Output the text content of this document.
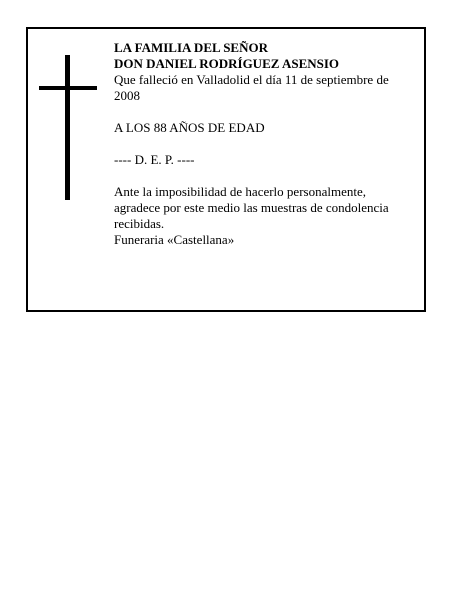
LA FAMILIA DEL SEÑOR

DON DANIEL RODRÍGUEZ ASENSIO

Que falleció en Valladolid el día 11 de septiembre de 2008

A LOS 88 AÑOS DE EDAD

---- D. E. P. ----

Ante la imposibilidad de hacerlo personalmente, agradece por este medio las muestras de condolencia recibidas.

Funeraria «Castellana»
